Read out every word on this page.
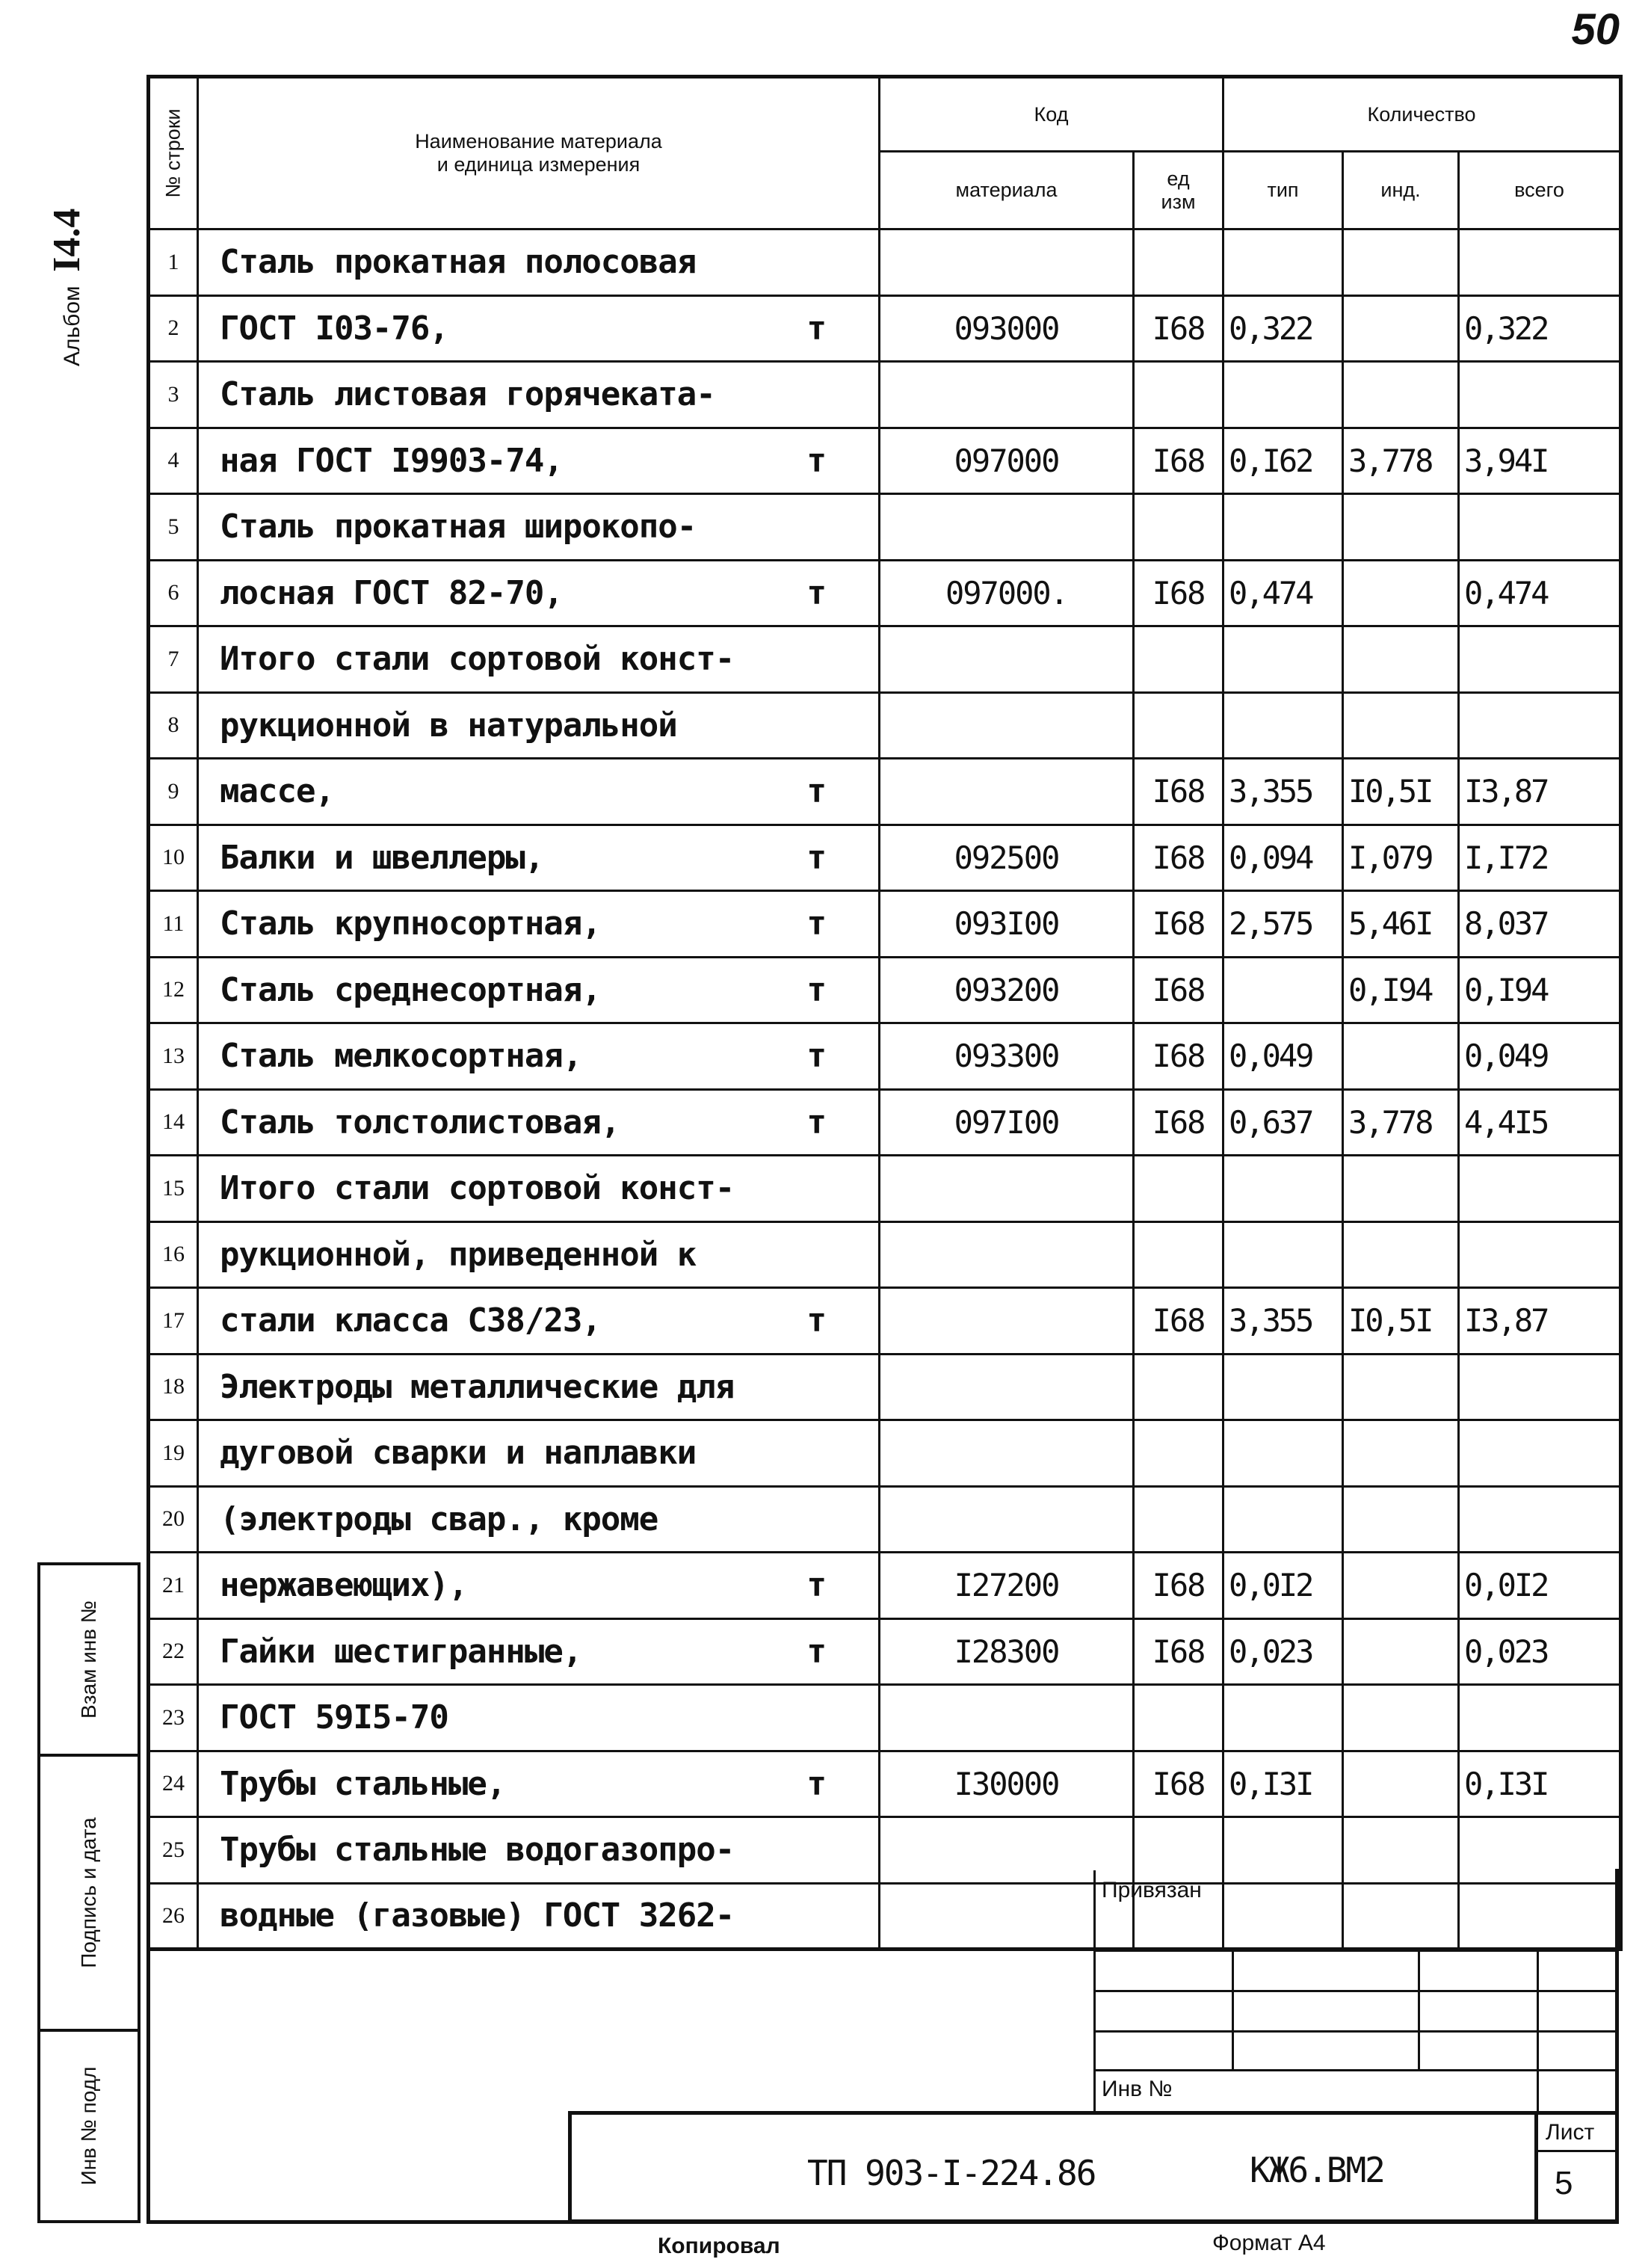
50
Альбом I4.4
№ строки	Наименование материала
и единица измерения	Код		Количество		
		материала	ед
изм	тип	инд.	всего
1	Сталь прокатная полосовая

2	ГОСТ I03-76, т	093000	I68	0,322		0,322
3	Сталь листовая горячеката-

4	ная ГОСТ I9903-74, т	097000	I68	0,I62	3,778	3,94I
5	Сталь прокатная широкопо-

6	лосная ГОСТ 82-70, т	097000.	I68	0,474		0,474
7	Итого стали сортовой конст-

8	рукционной в натуральной

9	массе, т		I68	3,355	I0,5I	I3,87
10	Балки и швеллеры, т	092500	I68	0,094	I,079	I,I72
11	Сталь крупносортная, т	093I00	I68	2,575	5,46I	8,037
12	Сталь среднесортная, т	093200	I68		0,I94	0,I94
13	Сталь мелкосортная, т	093300	I68	0,049		0,049
14	Сталь толстолистовая, т	097I00	I68	0,637	3,778	4,4I5
15	Итого стали сортовой конст-

16	рукционной, приведенной к

17	стали класса С38/23, т		I68	3,355	I0,5I	I3,87
18	Электроды металлические для

19	дуговой сварки и наплавки

20	(электроды свар., кроме

21	нержавеющих), т	I27200	I68	0,0I2		0,0I2
22	Гайки шестигранные, т	I28300	I68	0,023		0,023
23	ГОСТ 59I5-70

24	Трубы стальные, т	I30000	I68	0,I3I		0,I3I
25	Трубы стальные водогазопро-

26	водные (газовые) ГОСТ 3262-

Взам инв №
Подпись и дата
Инв № подл
Привязан
Инв №
ТП 903-I-224.86	КЖ6.ВМ2
Лист
5
Копировал	Формат А4
